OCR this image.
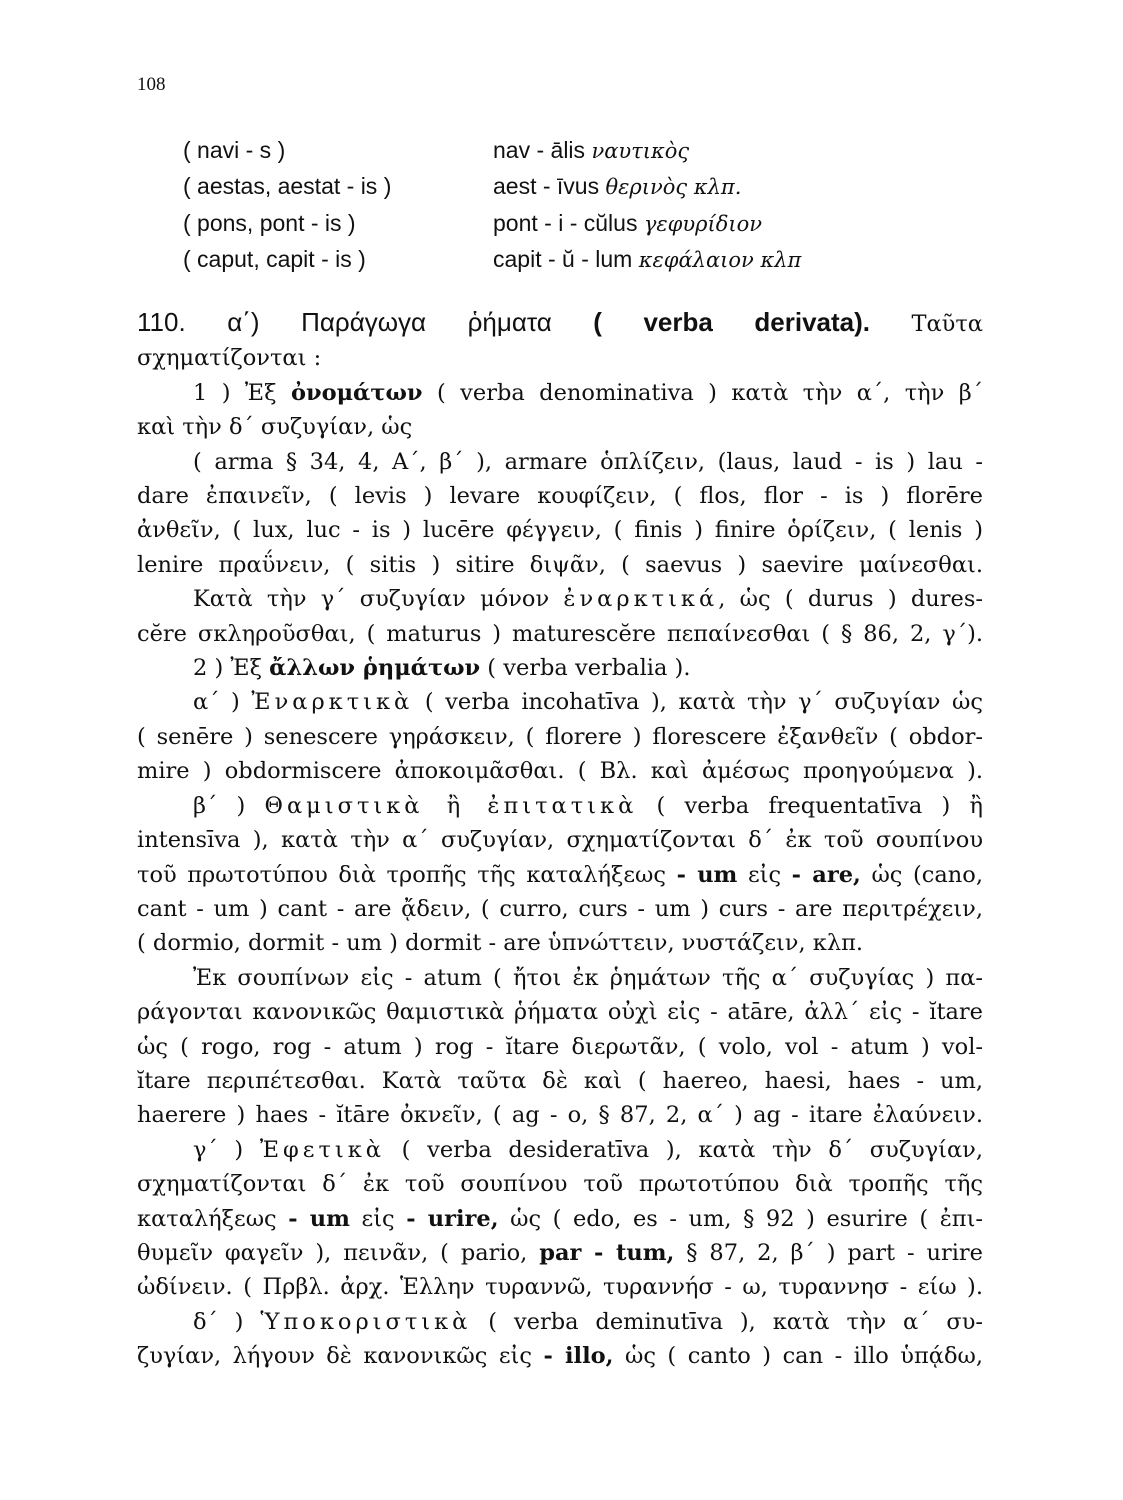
108
( navi - s )	nav - ālis ναυτικὸς
( aestas, aestat - is )	aest - īvus θερινὸς κλπ.
( pons, pont - is )	pont - i - cŭlus γεφυρίδιον
( caput, capit - is )	capit - ŭ - lum κεφάλαιον κλπ

110. α΄) Παράγωγα ῥήματα ( verba derivata). Ταῦτα

σχηματίζονται :

1 ) Ἐξ ὀνομάτων ( verba denominativa ) κατὰ τὴν α΄, τὴν β΄

καὶ τὴν δ΄ συζυγίαν, ὡς

( arma § 34, 4, Α΄, β΄ ), armare ὁπλίζειν, (laus, laud - is ) lau -

dare ἐπαινεῖν, ( levis ) levare κουφίζειν, ( flos, flor - is ) florēre

ἀνθεῖν, ( lux, luc - is ) lucēre φέγγειν, ( finis ) finire ὁρίζειν, ( lenis )

lenire πραΰνειν, ( sitis ) sitire διψᾶν, ( saevus ) saevire μαίνεσθαι.

Κατὰ τὴν γ΄ συζυγίαν μόνον ἐναρκτικά, ὡς ( durus ) dures-

cĕre σκληροῦσθαι, ( maturus ) maturescĕre πεπαίνεσθαι ( § 86, 2, γ΄).

2 ) Ἐξ ἄλλων ῥημάτων ( verba verbalia ).

α΄ ) Ἐναρκτικὰ ( verba incohatīva ), κατὰ τὴν γ΄ συζυγίαν ὡς

( senēre ) senescere γηράσκειν, ( florere ) florescere ἐξανθεῖν ( obdor-

mire ) obdormiscere ἀποκοιμᾶσθαι. ( Βλ. καὶ ἀμέσως προηγούμενα ).

β΄ ) Θαμιστικὰ ἢ ἐπιτατικὰ ( verba frequentatīva ) ἢ

intensīva ), κατὰ τὴν α΄ συζυγίαν, σχηματίζονται δ΄ ἐκ τοῦ σουπίνου

τοῦ πρωτοτύπου διὰ τροπῆς τῆς καταλήξεως - um εἰς - are, ὡς (cano,

cant - um ) cant - are ᾄδειν, ( curro, curs - um ) curs - are περιτρέχειν,

( dormio, dormit - um ) dormit - are ὑπνώττειν, νυστάζειν, κλπ.

Ἐκ σουπίνων εἰς - atum ( ἤτοι ἐκ ῥημάτων τῆς α΄ συζυγίας ) πα-

ράγονται κανονικῶς θαμιστικὰ ῥήματα οὐχὶ εἰς - atāre, ἀλλ΄ εἰς - ĭtare

ὡς ( rogo, rog - atum ) rog - ĭtare διερωτᾶν, ( volo, vol - atum ) vol-

ĭtare περιπέτεσθαι. Κατὰ ταῦτα δὲ καὶ ( haereo, haesi, haes - um,

haerere ) haes - ĭtāre ὀκνεῖν, ( ag - o, § 87, 2, α΄ ) ag - itare ἐλαύνειν.

γ΄ ) Ἐφετικὰ ( verba desideratīva ), κατὰ τὴν δ΄ συζυγίαν,

σχηματίζονται δ΄ ἐκ τοῦ σουπίνου τοῦ πρωτοτύπου διὰ τροπῆς τῆς

καταλήξεως - um εἰς - urire, ὡς ( edo, es - um, § 92 ) esurire ( ἐπι-

θυμεῖν φαγεῖν ), πεινᾶν, ( pario, par - tum, § 87, 2, β΄ ) part - urire

ὠδίνειν. ( Πρβλ. ἀρχ. Ἑλλην τυραννῶ, τυραννήσ - ω, τυραννησ - είω ).

δ΄ ) Ὑποκοριστικὰ ( verba deminutīva ), κατὰ τὴν α΄ συ-

ζυγίαν, λήγουν δὲ κανονικῶς εἰς - illo, ὡς ( canto ) can - illo ὑπᾴδω,
